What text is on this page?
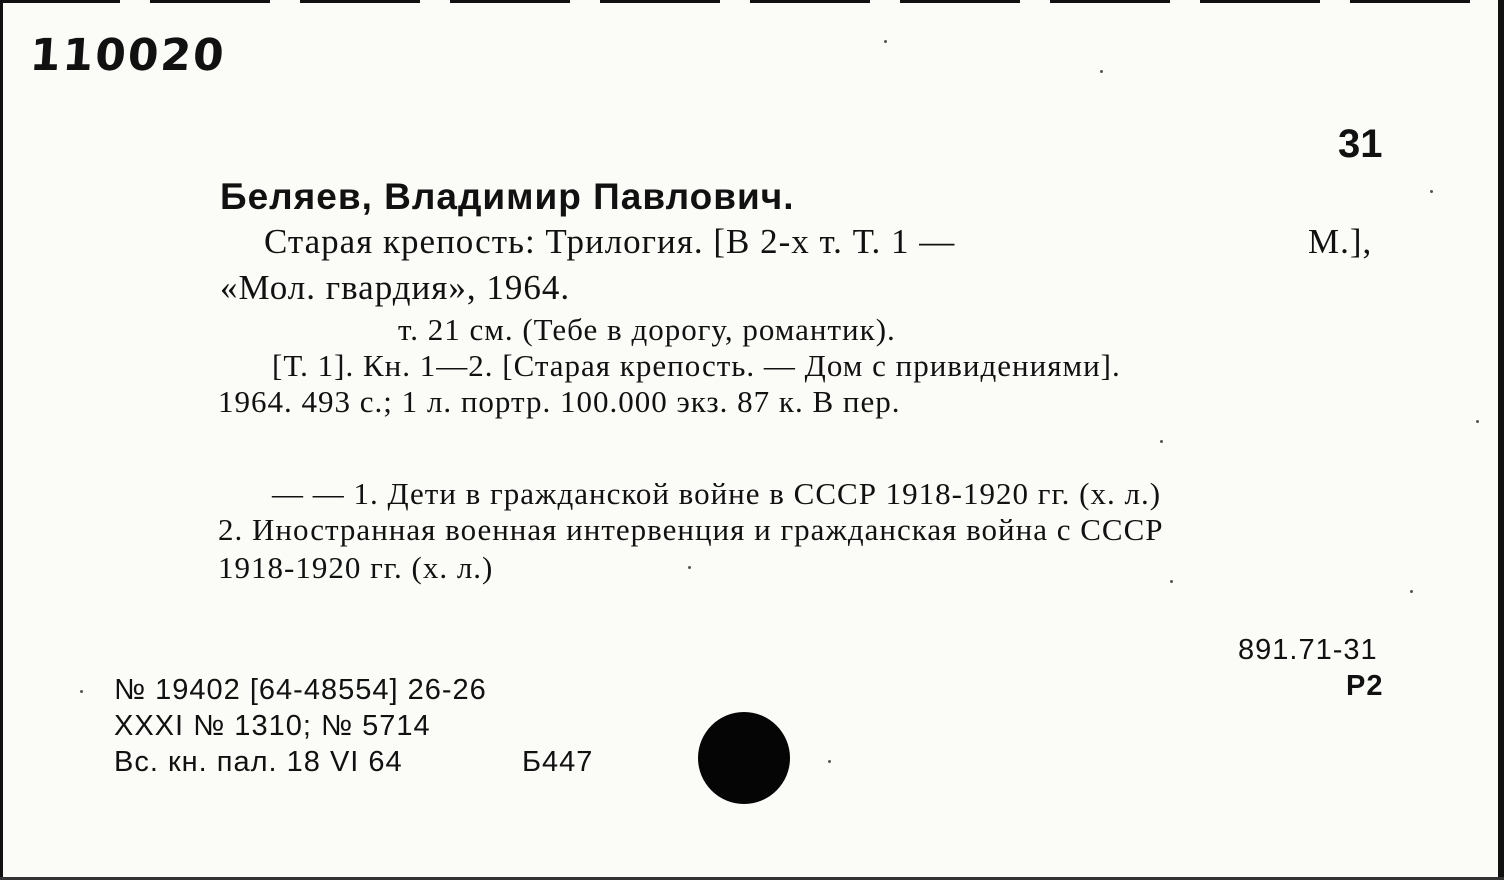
110020
31
Беляев, Владимир Павлович.
Старая крепость: Трилогия. [В 2-х т. Т. 1 —	М.],
«Мол. гвардия», 1964.
т. 21 см. (Тебе в дорогу, романтик).
[Т. 1]. Кн. 1—2. [Старая крепость. — Дом с привидениями].
1964. 493 с.; 1 л. портр. 100.000 экз. 87 к. В пер.
— — 1. Дети в гражданской войне в СССР 1918-1920 гг. (х. л.)
2. Иностранная военная интервенция и гражданская война с СССР
1918-1920 гг. (х. л.)
891.71-31
Р2
№ 19402 [64-48554] 26-26
XXXI № 1310; № 5714
Вс. кн. пал. 18 VI 64	Б447
